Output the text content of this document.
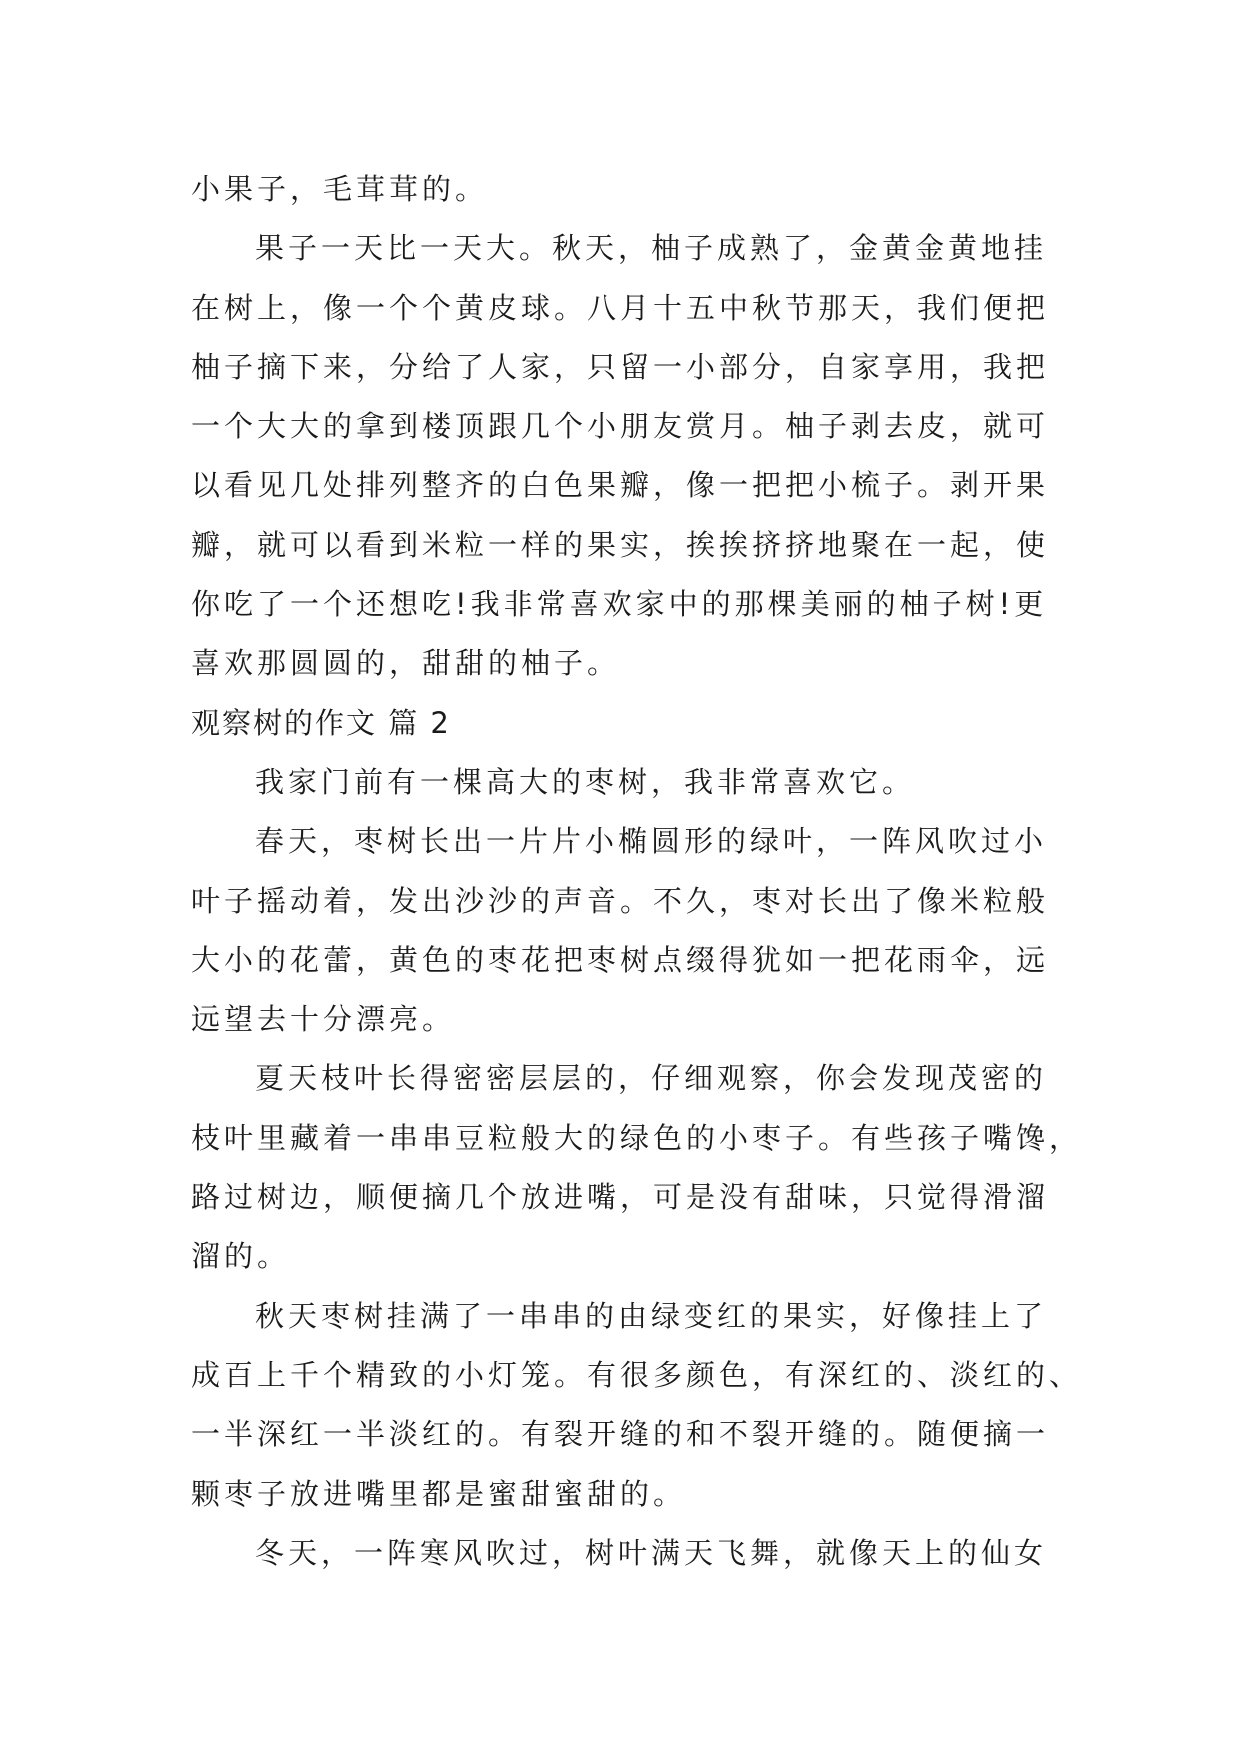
小果子，毛茸茸的。
果子一天比一天大。秋天，柚子成熟了，金黄金黄地挂
在树上，像一个个黄皮球。八月十五中秋节那天，我们便把
柚子摘下来，分给了人家，只留一小部分，自家享用，我把
一个大大的拿到楼顶跟几个小朋友赏月。柚子剥去皮，就可
以看见几处排列整齐的白色果瓣，像一把把小梳子。剥开果
瓣，就可以看到米粒一样的果实，挨挨挤挤地聚在一起，使
你吃了一个还想吃!我非常喜欢家中的那棵美丽的柚子树!更
喜欢那圆圆的，甜甜的柚子。
观察树的作文 篇 2
我家门前有一棵高大的枣树，我非常喜欢它。
春天，枣树长出一片片小椭圆形的绿叶，一阵风吹过小
叶子摇动着，发出沙沙的声音。不久，枣对长出了像米粒般
大小的花蕾，黄色的枣花把枣树点缀得犹如一把花雨伞，远
远望去十分漂亮。
夏天枝叶长得密密层层的，仔细观察，你会发现茂密的
枝叶里藏着一串串豆粒般大的绿色的小枣子。有些孩子嘴馋，
路过树边，顺便摘几个放进嘴，可是没有甜味，只觉得滑溜
溜的。
秋天枣树挂满了一串串的由绿变红的果实，好像挂上了
成百上千个精致的小灯笼。有很多颜色，有深红的、淡红的、
一半深红一半淡红的。有裂开缝的和不裂开缝的。随便摘一
颗枣子放进嘴里都是蜜甜蜜甜的。
冬天，一阵寒风吹过，树叶满天飞舞，就像天上的仙女
